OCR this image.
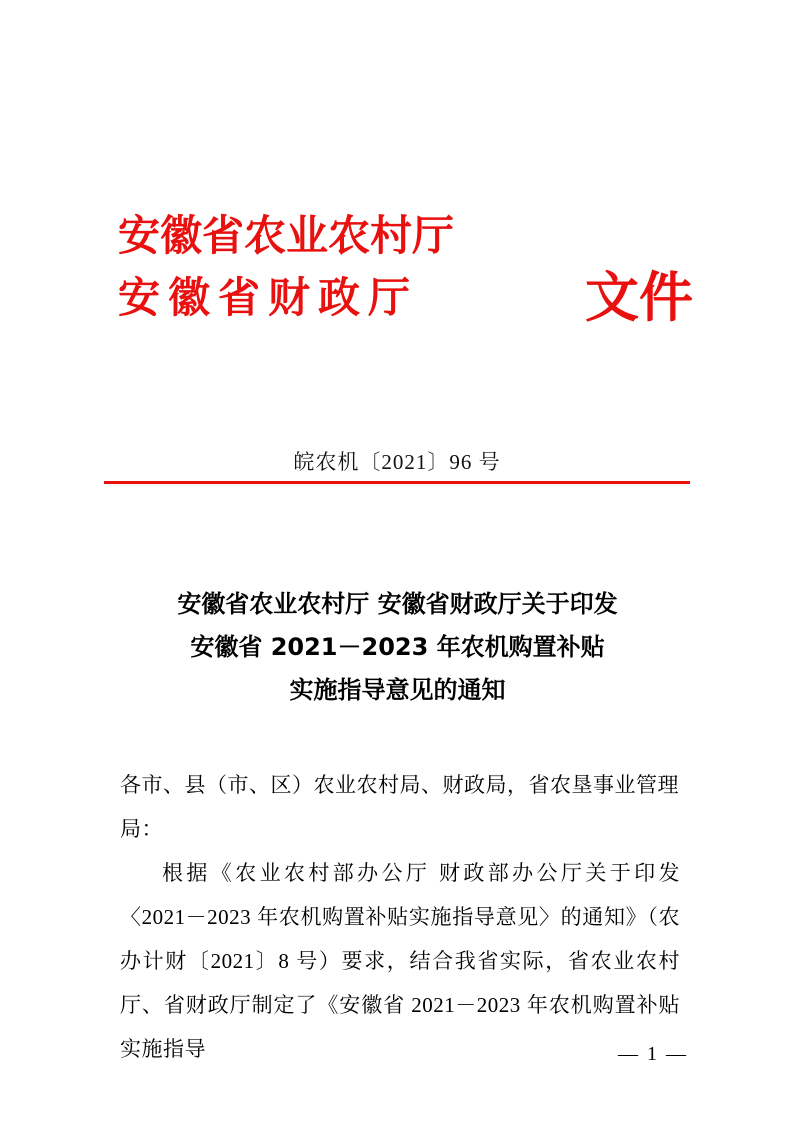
安徽省农业农村厅
安徽省财政厅	文件
皖农机〔2021〕96 号
安徽省农业农村厅 安徽省财政厅关于印发
安徽省 2021－2023 年农机购置补贴
实施指导意见的通知

各市、县（市、区）农业农村局、财政局，省农垦事业管理

局：

根据《农业农村部办公厅 财政部办公厅关于印发〈2021－2023 年农机购置补贴实施指导意见〉的通知》（农办计财〔2021〕8 号）要求，结合我省实际，省农业农村厅、省财政厅制定了《安徽省 2021－2023 年农机购置补贴实施指导	— 1 —
